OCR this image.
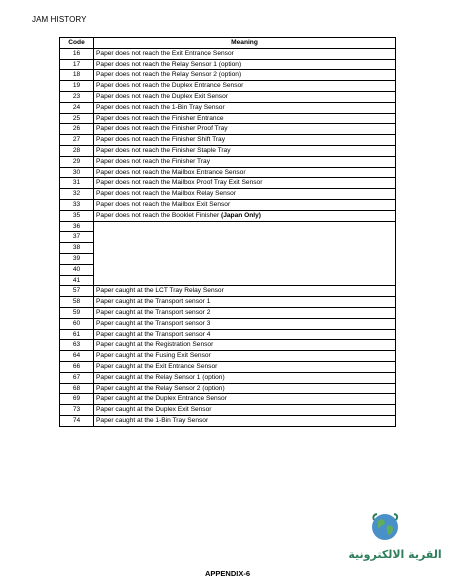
JAM HISTORY
Code	Meaning
16	Paper does not reach the Exit Entrance Sensor
17	Paper does not reach the Relay Sensor 1 (option)
18	Paper does not reach the Relay Sensor 2 (option)
19	Paper does not reach the Duplex Entrance Sensor
23	Paper does not reach the Duplex Exit Sensor
24	Paper does not reach the 1-Bin Tray Sensor
25	Paper does not reach the Finisher Entrance
26	Paper does not reach the Finisher Proof Tray
27	Paper does not reach the Finisher Shift Tray
28	Paper does not reach the Finisher Staple Tray
29	Paper does not reach the Finisher Tray
30	Paper does not reach the Mailbox Entrance Sensor
31	Paper does not reach the Mailbox Proof Tray Exit Sensor
32	Paper does not reach the Mailbox Relay Sensor
33	Paper does not reach the Mailbox Exit Sensor
35	Paper does not reach the Booklet Finisher (Japan Only)
36	
37	
38	
39	
40	
41	
57	Paper caught at the LCT Tray Relay Sensor
58	Paper caught at the Transport sensor 1
59	Paper caught at the Transport sensor 2
60	Paper caught at the Transport sensor 3
61	Paper caught at the Transport sensor 4
63	Paper caught at the Registration Sensor
64	Paper caught at the Fusing Exit Sensor
66	Paper caught at the Exit Entrance Sensor
67	Paper caught at the Relay Sensor 1 (option)
68	Paper caught at the Relay Sensor 2 (option)
69	Paper caught at the Duplex Entrance Sensor
73	Paper caught at the Duplex Exit Sensor
74	Paper caught at the 1-Bin Tray Sensor
القرية الالكترونية
APPENDIX-6
